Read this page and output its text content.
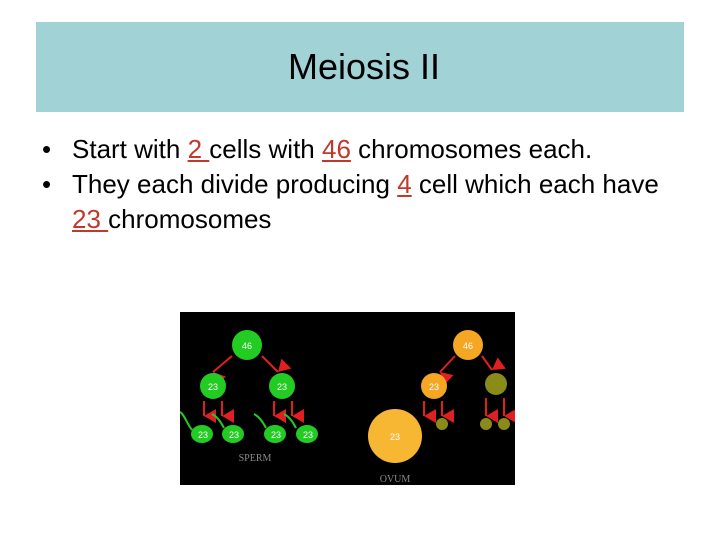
Meiosis II
• Start with 2 cells with 46 chromosomes each.
• They each divide producing 4 cell which each have 23 chromosomes
46
23	23
23 23	23 23
SPERM
46
23
23
OVUM
